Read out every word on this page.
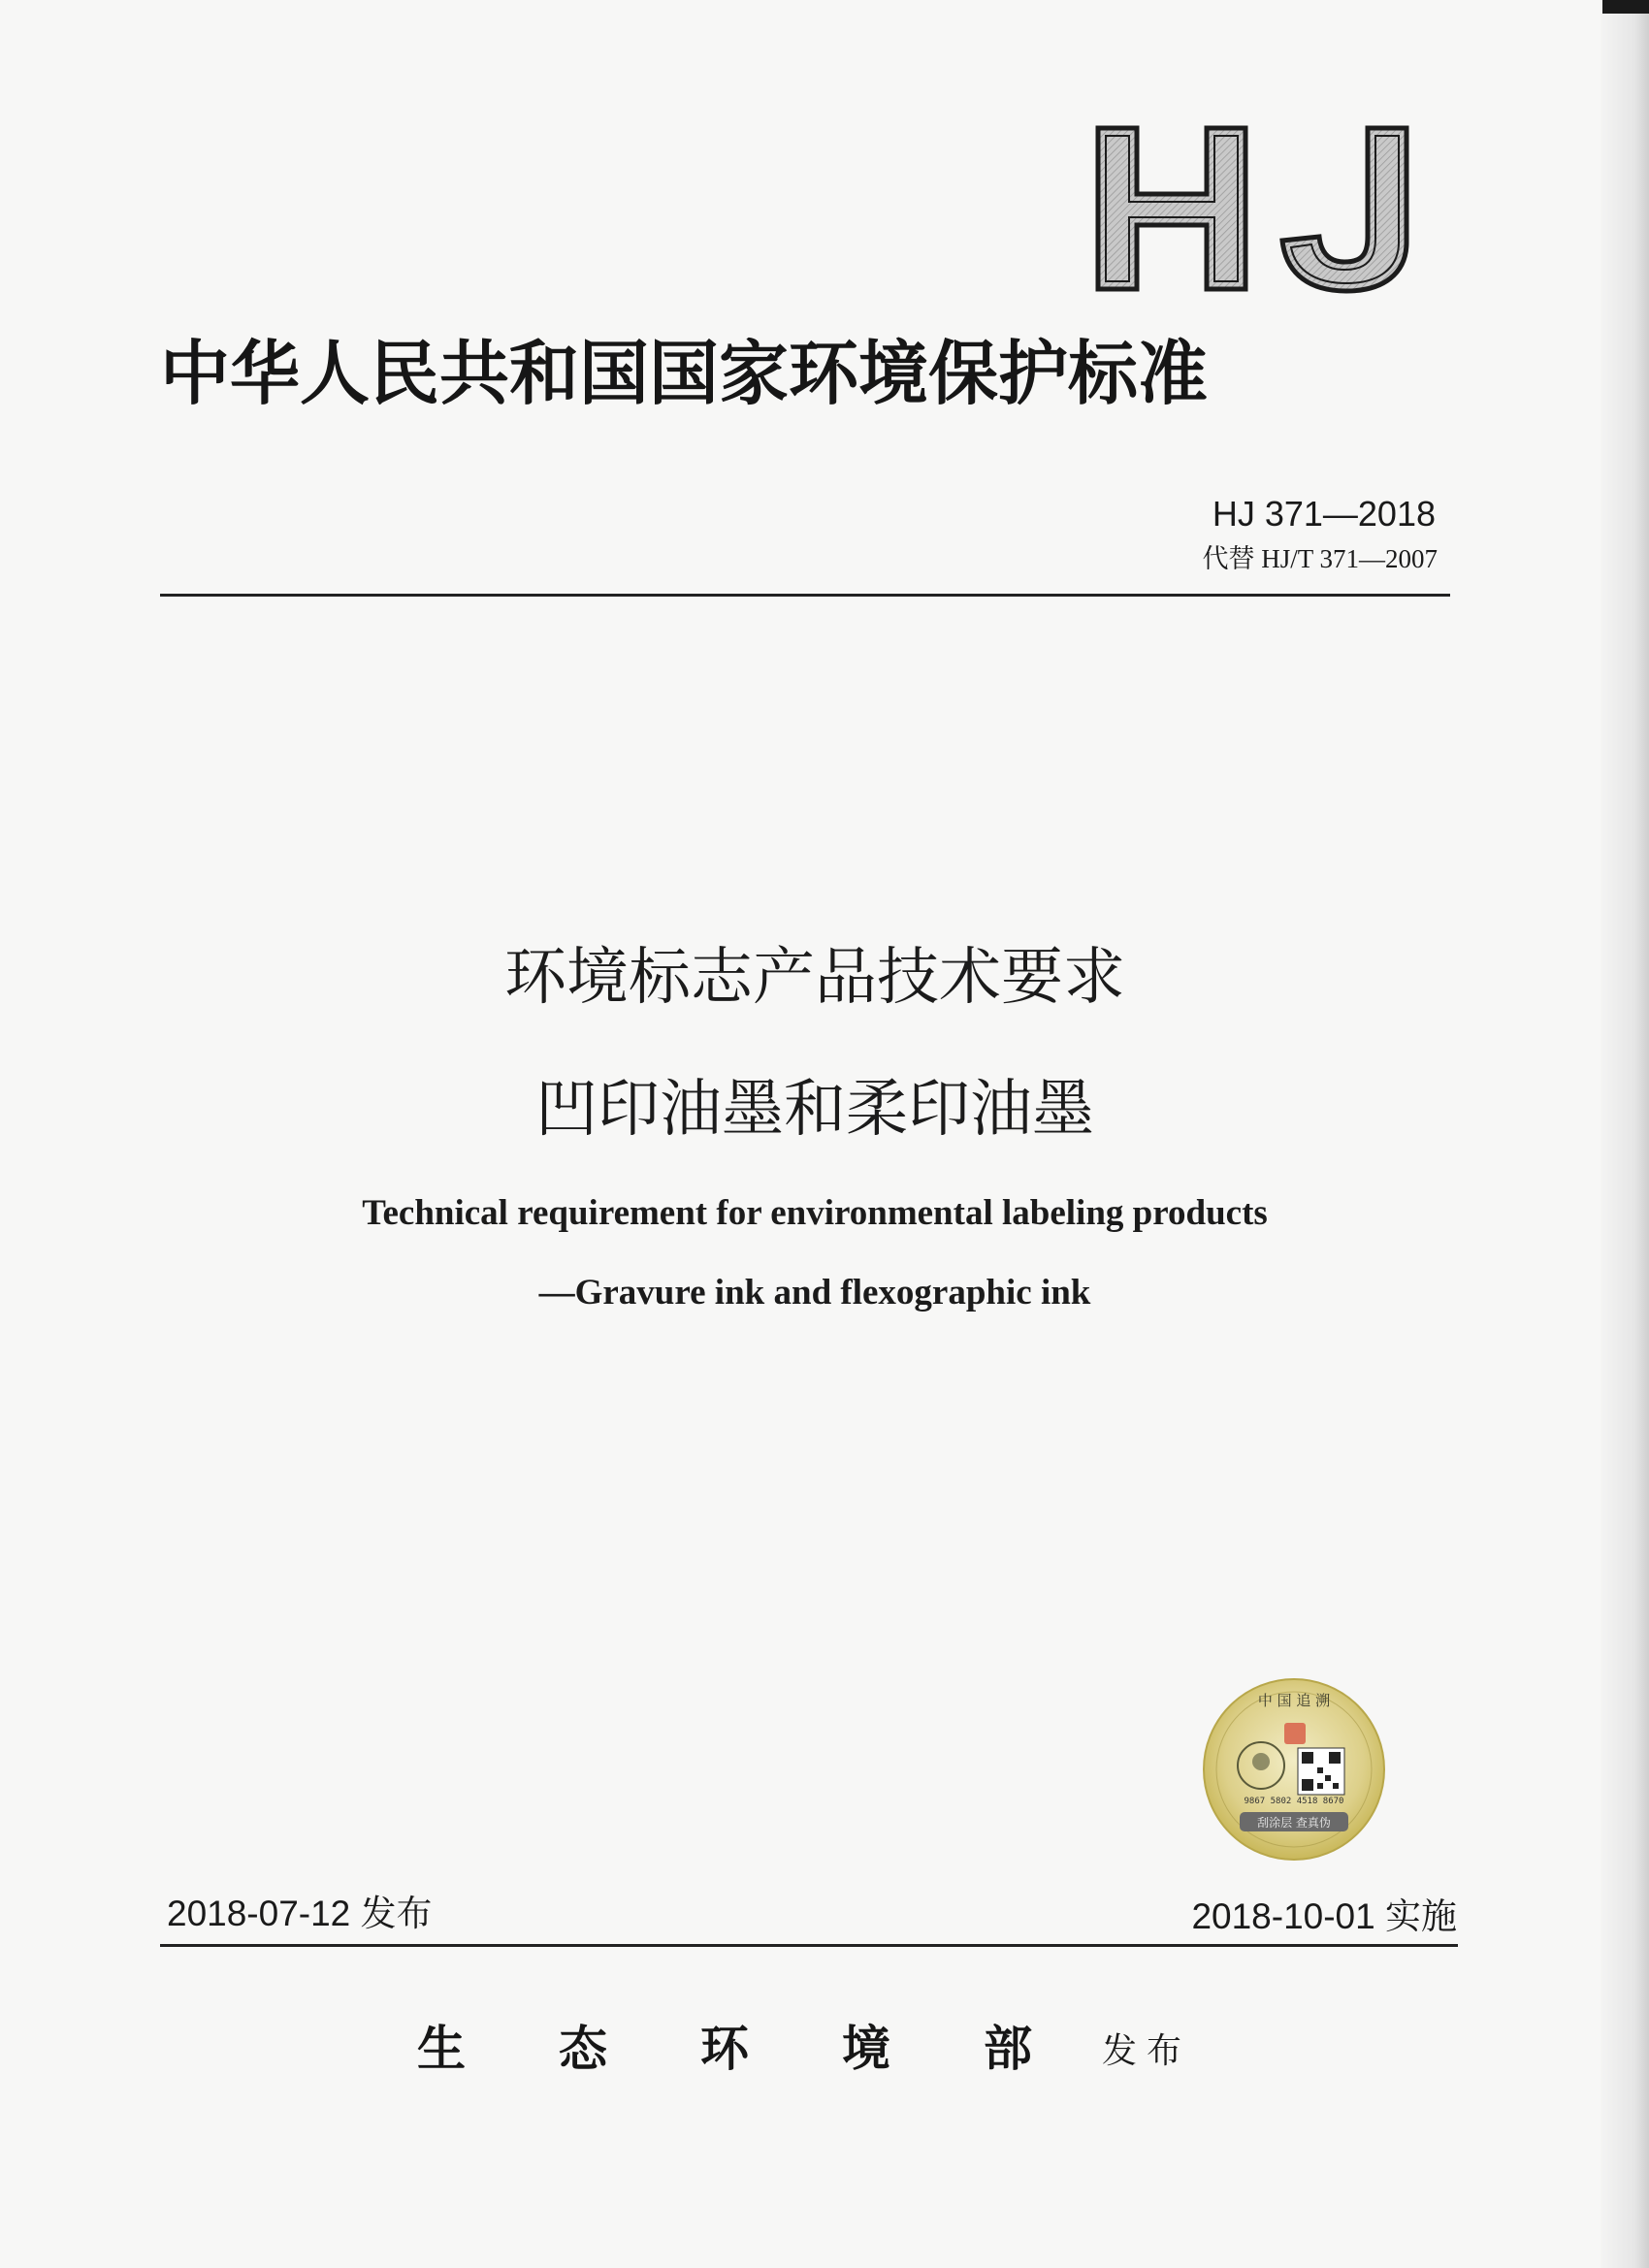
中华人民共和国国家环境保护标准
HJ 371—2018
代替 HJ/T 371—2007
环境标志产品技术要求
凹印油墨和柔印油墨
Technical requirement for environmental labeling products
—Gravure ink and flexographic ink
中 国 追 溯
9867 5802 4518 8670
刮涂层 查真伪
2018-07-12 发布	2018-10-01 实施
生态环境部
发布
